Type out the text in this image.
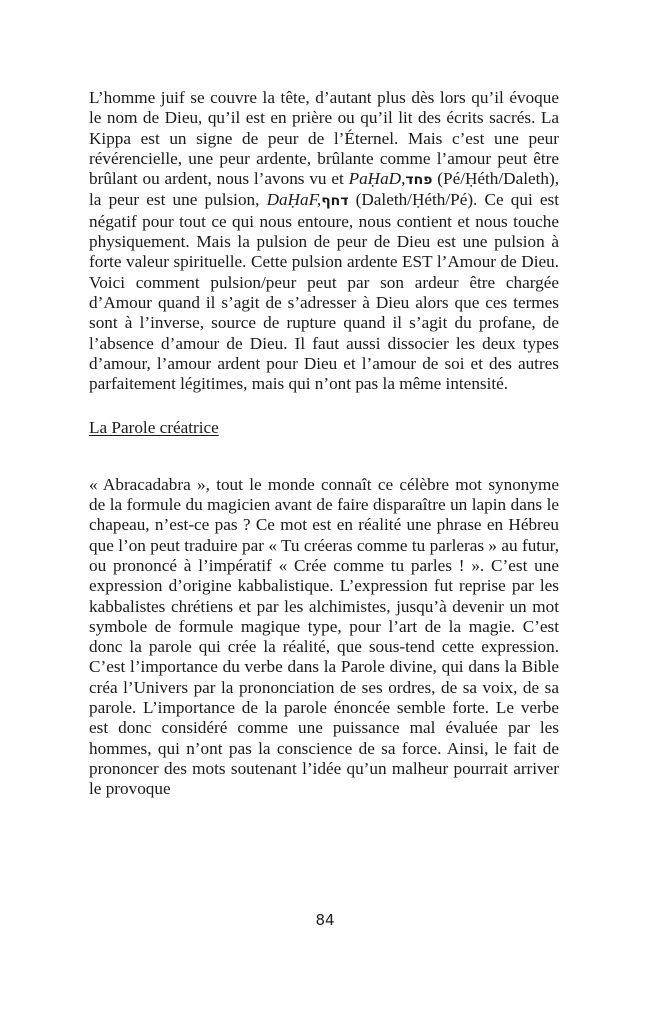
L’homme juif se couvre la tête, d’autant plus dès lors qu’il évoque le nom de Dieu, qu’il est en prière ou qu’il lit des écrits sacrés. La Kippa est un signe de peur de l’Éternel. Mais c’est une peur révérencielle, une peur ardente, brûlante comme l’amour peut être brûlant ou ardent, nous l’avons vu et PaḤaD,פחד (Pé/Ḥéth/Daleth), la peur est une pulsion, DaḤaF,דחף (Daleth/Ḥéth/Pé). Ce qui est négatif pour tout ce qui nous entoure, nous contient et nous touche physiquement. Mais la pulsion de peur de Dieu est une pulsion à forte valeur spirituelle. Cette pulsion ardente EST l’Amour de Dieu. Voici comment pulsion/peur peut par son ardeur être chargée d’Amour quand il s’agit de s’adresser à Dieu alors que ces termes sont à l’inverse, source de rupture quand il s’agit du profane, de l’absence d’amour de Dieu. Il faut aussi dissocier les deux types d’amour, l’amour ardent pour Dieu et l’amour de soi et des autres parfaitement légitimes, mais qui n’ont pas la même intensité.

La Parole créatrice

« Abracadabra », tout le monde connaît ce célèbre mot synonyme de la formule du magicien avant de faire disparaître un lapin dans le chapeau, n’est-ce pas ? Ce mot est en réalité une phrase en Hébreu que l’on peut traduire par « Tu créeras comme tu parleras » au futur, ou prononcé à l’impératif « Crée comme tu parles ! ». C’est une expression d’origine kabbalistique. L’expression fut reprise par les kabbalistes chrétiens et par les alchimistes, jusqu’à devenir un mot symbole de formule magique type, pour l’art de la magie. C’est donc la parole qui crée la réalité, que sous-tend cette expression. C’est l’importance du verbe dans la Parole divine, qui dans la Bible créa l’Univers par la prononciation de ses ordres, de sa voix, de sa parole. L’importance de la parole énoncée semble forte. Le verbe est donc considéré comme une puissance mal évaluée par les hommes, qui n’ont pas la conscience de sa force. Ainsi, le fait de prononcer des mots soutenant l’idée qu’un malheur pourrait arriver le provoque

84
